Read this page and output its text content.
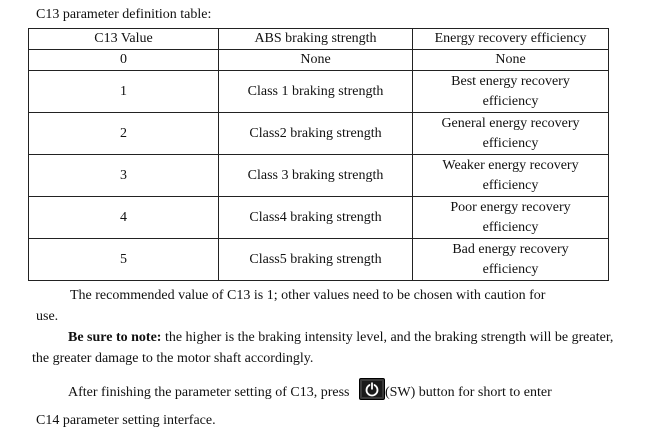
C13 parameter definition table:
C13 Value	ABS braking strength	Energy recovery efficiency
0	None	None
1	Class 1 braking strength	Best energy recovery
efficiency
2	Class2 braking strength	General energy recovery
efficiency
3	Class 3 braking strength	Weaker energy recovery
efficiency
4	Class4 braking strength	Poor energy recovery
efficiency
5	Class5 braking strength	Bad energy recovery
efficiency
The recommended value of C13 is 1; other values need to be chosen with caution for
use.
Be sure to note: the higher is the braking intensity level, and the braking strength will be greater, the greater damage to the motor shaft accordingly.
After finishing the parameter setting of C13, press
(SW) button for short to enter
C14 parameter setting interface.
